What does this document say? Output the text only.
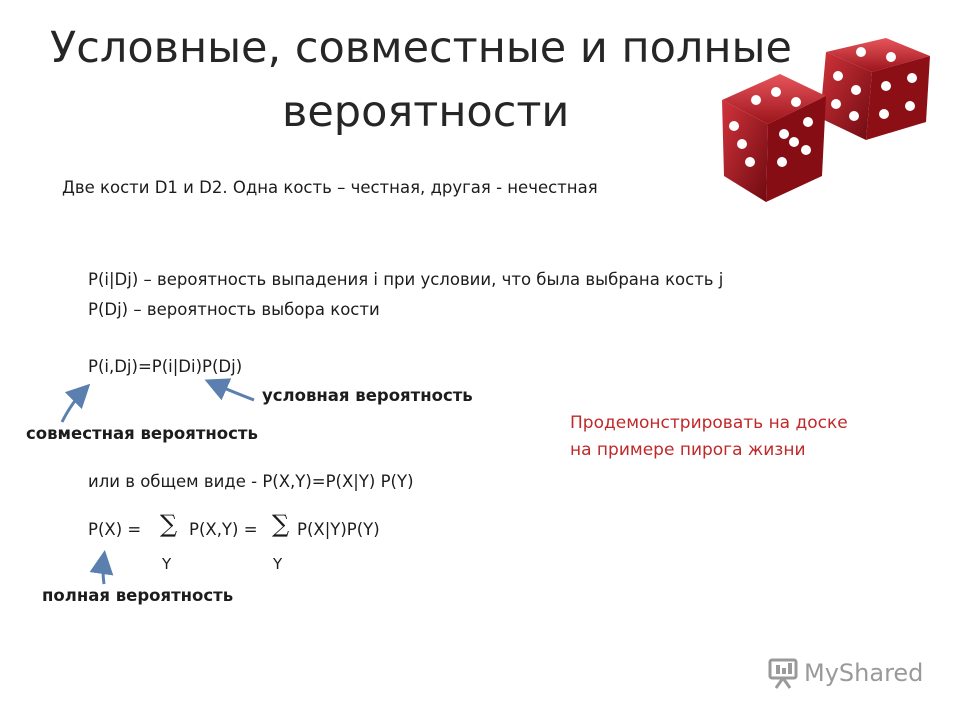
Условные, совместные и полные
вероятности
Две кости D1 и D2. Одна кость – честная, другая - нечестная
P(i|Dj) – вероятность выпадения i при условии, что была выбрана кость j
P(Dj) – вероятность выбора кости
P(i,Dj)=P(i|Di)P(Dj)
условная вероятность
совместная вероятность
Продемонстрировать на доске на примере пирога жизни
или в общем виде - P(X,Y)=P(X|Y) P(Y)
P(X) = ∑ P(X,Y) = ∑ P(X|Y)P(Y)
Y	Y
полная вероятность
MyShared
